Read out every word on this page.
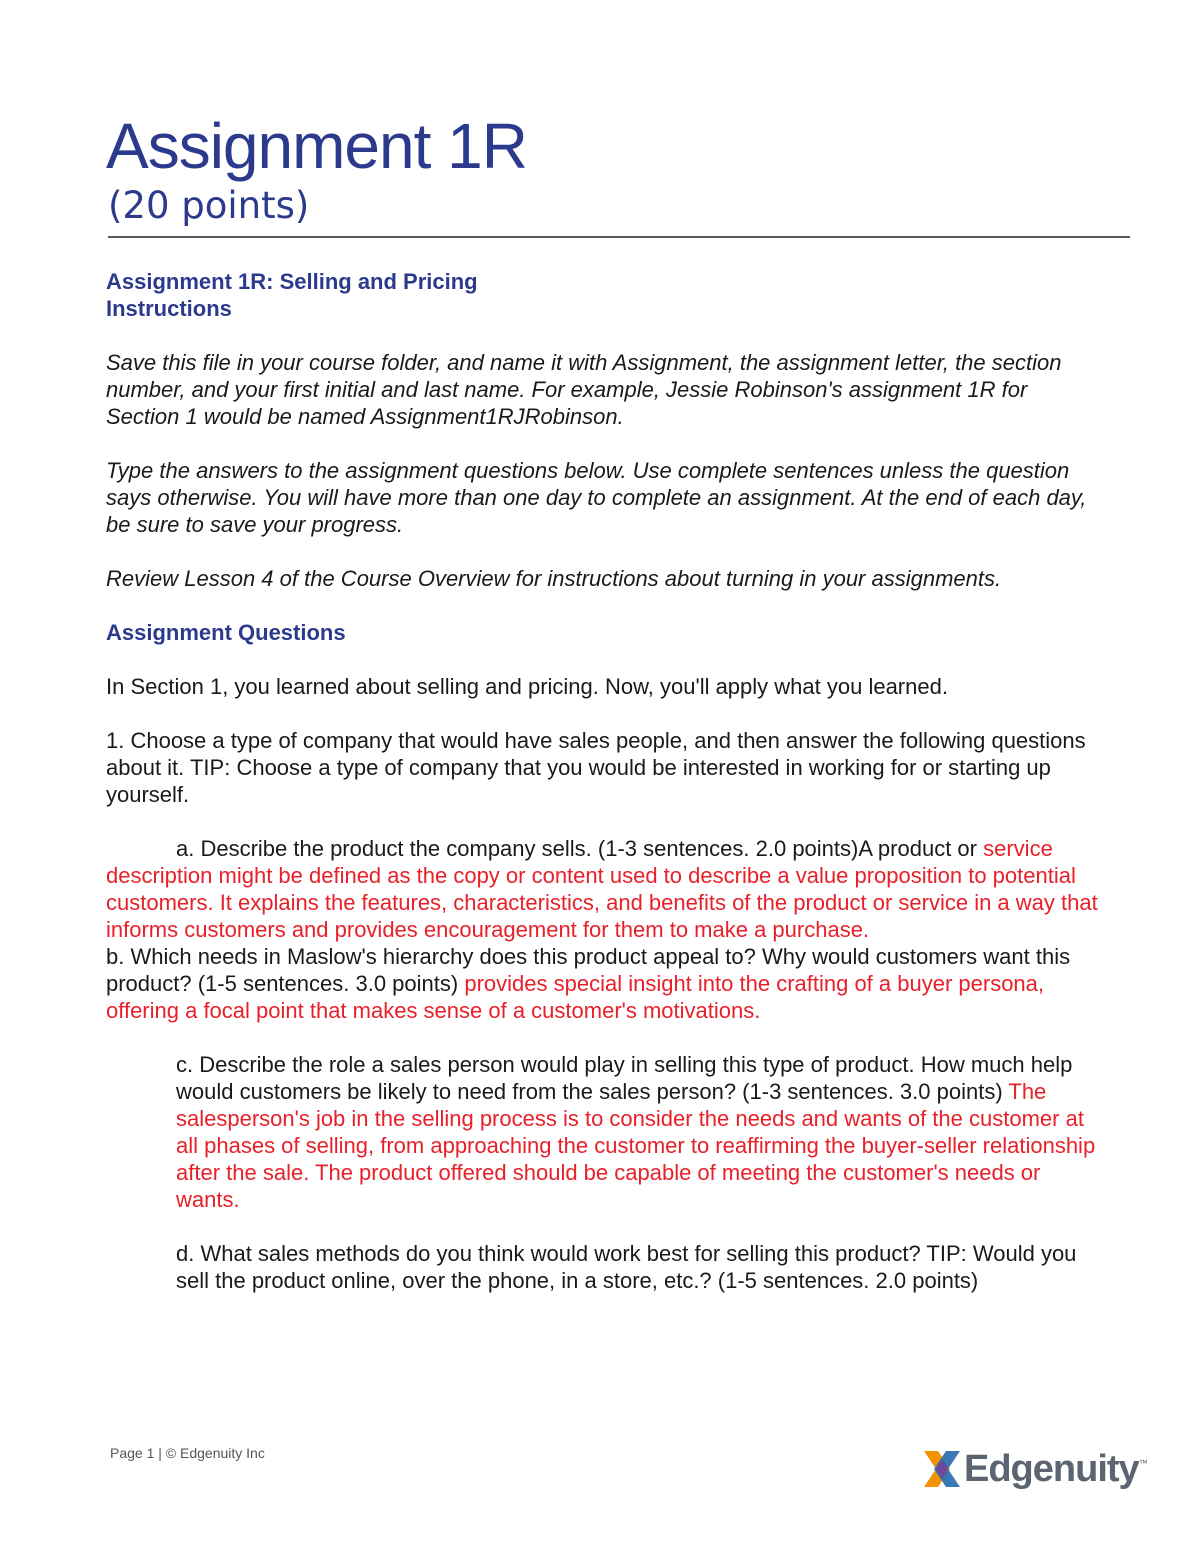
Assignment 1R
(20 points)

Assignment 1R: Selling and Pricing

Instructions

Save this file in your course folder, and name it with Assignment, the assignment letter, the section number, and your first initial and last name. For example, Jessie Robinson's assignment 1R for Section 1 would be named Assignment1RJRobinson.

Type the answers to the assignment questions below. Use complete sentences unless the question says otherwise. You will have more than one day to complete an assignment. At the end of each day, be sure to save your progress.

Review Lesson 4 of the Course Overview for instructions about turning in your assignments.

Assignment Questions

In Section 1, you learned about selling and pricing. Now, you'll apply what you learned.

1. Choose a type of company that would have sales people, and then answer the following questions about it. TIP: Choose a type of company that you would be interested in working for or starting up yourself.

a. Describe the product the company sells. (1-3 sentences. 2.0 points)A product or service description might be defined as the copy or content used to describe a value proposition to potential customers. It explains the features, characteristics, and benefits of the product or service in a way that informs customers and provides encouragement for them to make a purchase.

b. Which needs in Maslow's hierarchy does this product appeal to? Why would customers want this product? (1-5 sentences. 3.0 points) provides special insight into the crafting of a buyer persona, offering a focal point that makes sense of a customer's motivations.

c. Describe the role a sales person would play in selling this type of product. How much help would customers be likely to need from the sales person? (1-3 sentences. 3.0 points) The salesperson's job in the selling process is to consider the needs and wants of the customer at all phases of selling, from approaching the customer to reaffirming the buyer-seller relationship after the sale. The product offered should be capable of meeting the customer's needs or wants.

d. What sales methods do you think would work best for selling this product? TIP: Would you sell the product online, over the phone, in a store, etc.? (1-5 sentences. 2.0 points)

Page 1 | © Edgenuity Inc	Edgenuity ™
